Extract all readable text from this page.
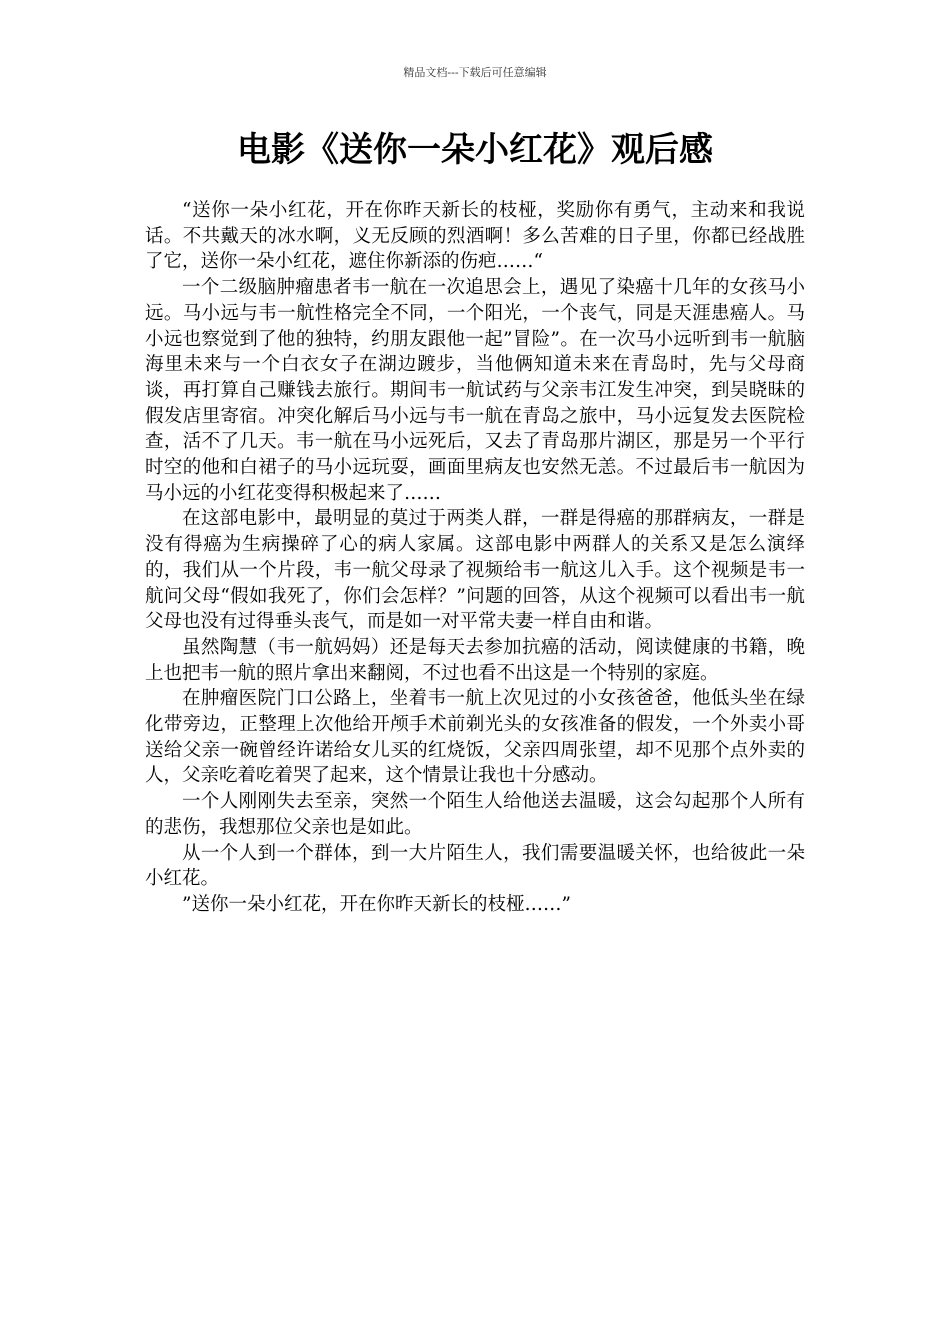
精品文档---下载后可任意编辑
电影《送你一朵小红花》观后感

“送你一朵小红花，开在你昨天新长的枝桠，奖励你有勇气，主动来和我说话。不共戴天的冰水啊，义无反顾的烈酒啊！多么苦难的日子里，你都已经战胜了它，送你一朵小红花，遮住你新添的伤疤……“

一个二级脑肿瘤患者韦一航在一次追思会上，遇见了染癌十几年的女孩马小远。马小远与韦一航性格完全不同，一个阳光，一个丧气，同是天涯患癌人。马小远也察觉到了他的独特，约朋友跟他一起”冒险”。在一次马小远听到韦一航脑海里未来与一个白衣女子在湖边踱步，当他俩知道未来在青岛时，先与父母商谈，再打算自己赚钱去旅行。期间韦一航试药与父亲韦江发生冲突，到吴晓昧的假发店里寄宿。冲突化解后马小远与韦一航在青岛之旅中，马小远复发去医院检查，活不了几天。韦一航在马小远死后，又去了青岛那片湖区，那是另一个平行时空的他和白裙子的马小远玩耍，画面里病友也安然无恙。不过最后韦一航因为马小远的小红花变得积极起来了……

在这部电影中，最明显的莫过于两类人群，一群是得癌的那群病友，一群是没有得癌为生病操碎了心的病人家属。这部电影中两群人的关系又是怎么演绎的，我们从一个片段，韦一航父母录了视频给韦一航这儿入手。这个视频是韦一航问父母“假如我死了，你们会怎样？”问题的回答，从这个视频可以看出韦一航父母也没有过得垂头丧气，而是如一对平常夫妻一样自由和谐。

虽然陶慧（韦一航妈妈）还是每天去参加抗癌的活动，阅读健康的书籍，晚上也把韦一航的照片拿出来翻阅，不过也看不出这是一个特别的家庭。

在肿瘤医院门口公路上，坐着韦一航上次见过的小女孩爸爸，他低头坐在绿化带旁边，正整理上次他给开颅手术前剃光头的女孩准备的假发，一个外卖小哥送给父亲一碗曾经许诺给女儿买的红烧饭，父亲四周张望，却不见那个点外卖的人，父亲吃着吃着哭了起来，这个情景让我也十分感动。

一个人刚刚失去至亲，突然一个陌生人给他送去温暖，这会勾起那个人所有的悲伤，我想那位父亲也是如此。

从一个人到一个群体，到一大片陌生人，我们需要温暖关怀，也给彼此一朵小红花。

”送你一朵小红花，开在你昨天新长的枝桠……”
